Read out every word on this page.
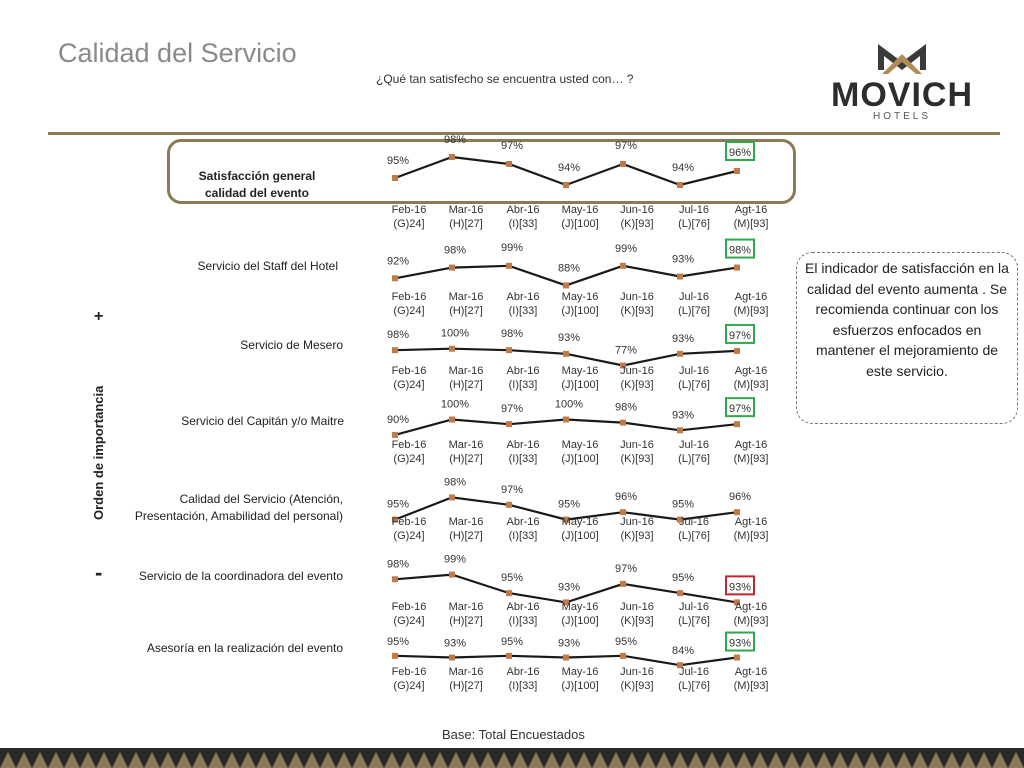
Calidad del Servicio
¿Qué tan satisfecho se encuentra usted con… ?	MOVICH
HOTELS
Orden de importancia
+
-
Satisfacción general calidad del evento
Servicio del Staff del Hotel
Servicio de Mesero
Servicio del Capitán y/o Maitre
Calidad del Servicio (Atención, Presentación, Amabilidad del personal)
Servicio de la coordinadora del evento
Asesoría en la realización del evento
95%
98%	97%
94%
97%
94%
96%
Feb-16
(G)24]
Mar-16
(H)[27]
Abr-16
(I)[33]
May-16
(J)[100]
Jun-16
(K)[93]
Jul-16
(L)[76]
Agt-16
(M)[93]
92%
98%	99%
88%
99%
93%
98%
Feb-16
(G)24]
Mar-16
(H)[27]
Abr-16
(I)[33]
May-16
(J)[100]
Jun-16
(K)[93]
Jul-16
(L)[76]
Agt-16
(M)[93]
98%	100%	98%	93%
77%
93%	97%
Feb-16
(G)24]
Mar-16
(H)[27]
Abr-16
(I)[33]
May-16
(J)[100]
Jun-16
(K)[93]
Jul-16
(L)[76]
Agt-16
(M)[93]
90%
100%	97%	100%	98%
93%
97%
Feb-16
(G)24]
Mar-16
(H)[27]
Abr-16
(I)[33]
May-16
(J)[100]
Jun-16
(K)[93]
Jul-16
(L)[76]
Agt-16
(M)[93]
95%
98%
97%
95%
96%
95%
96%
Feb-16
(G)24]
Mar-16
(H)[27]
Abr-16
(I)[33]
May-16
(J)[100]
Jun-16
(K)[93]
Jul-16
(L)[76]
Agt-16
(M)[93]
98%	99%
95%
93%
97%
95%
93%
Feb-16
(G)24]
Mar-16
(H)[27]
Abr-16
(I)[33]
May-16
(J)[100]
Jun-16
(K)[93]
Jul-16
(L)[76]
Agt-16
(M)[93]
95%	93%	95%	93%	95%
84%
93%
Feb-16
(G)24]
Mar-16
(H)[27]
Abr-16
(I)[33]
May-16
(J)[100]
Jun-16
(K)[93]
Jul-16
(L)[76]
Agt-16
(M)[93]
El indicador de satisfacción en la calidad del evento aumenta . Se recomienda continuar con los esfuerzos enfocados en mantener el mejoramiento de este servicio.
Base: Total Encuestados
